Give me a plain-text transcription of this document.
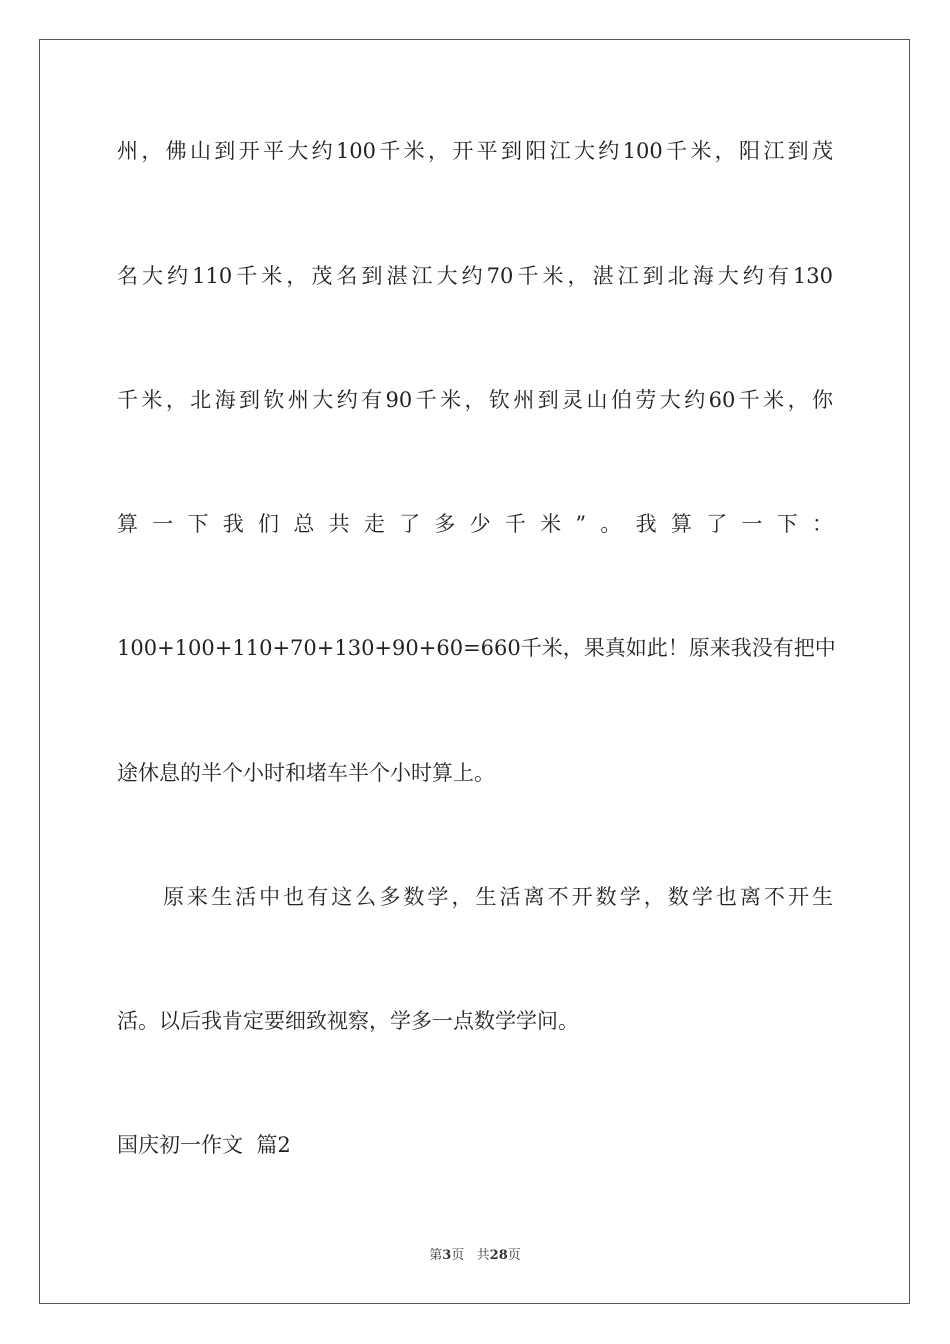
州，佛山到开平大约100千米，开平到阳江大约100千米，阳江到茂
名大约110千米，茂名到湛江大约70千米，湛江到北海大约有130
千米，北海到钦州大约有90千米，钦州到灵山伯劳大约60千米，你
算一下我们总共走了多少千米”。我算了一下：
100+100+110+70+130+90+60=660千米，果真如此！原来我没有把中
途休息的半个小时和堵车半个小时算上。
原来生活中也有这么多数学，生活离不开数学，数学也离不开生
活。以后我肯定要细致视察，学多一点数学学问。
国庆初一作文  篇2
第3页   共28页
